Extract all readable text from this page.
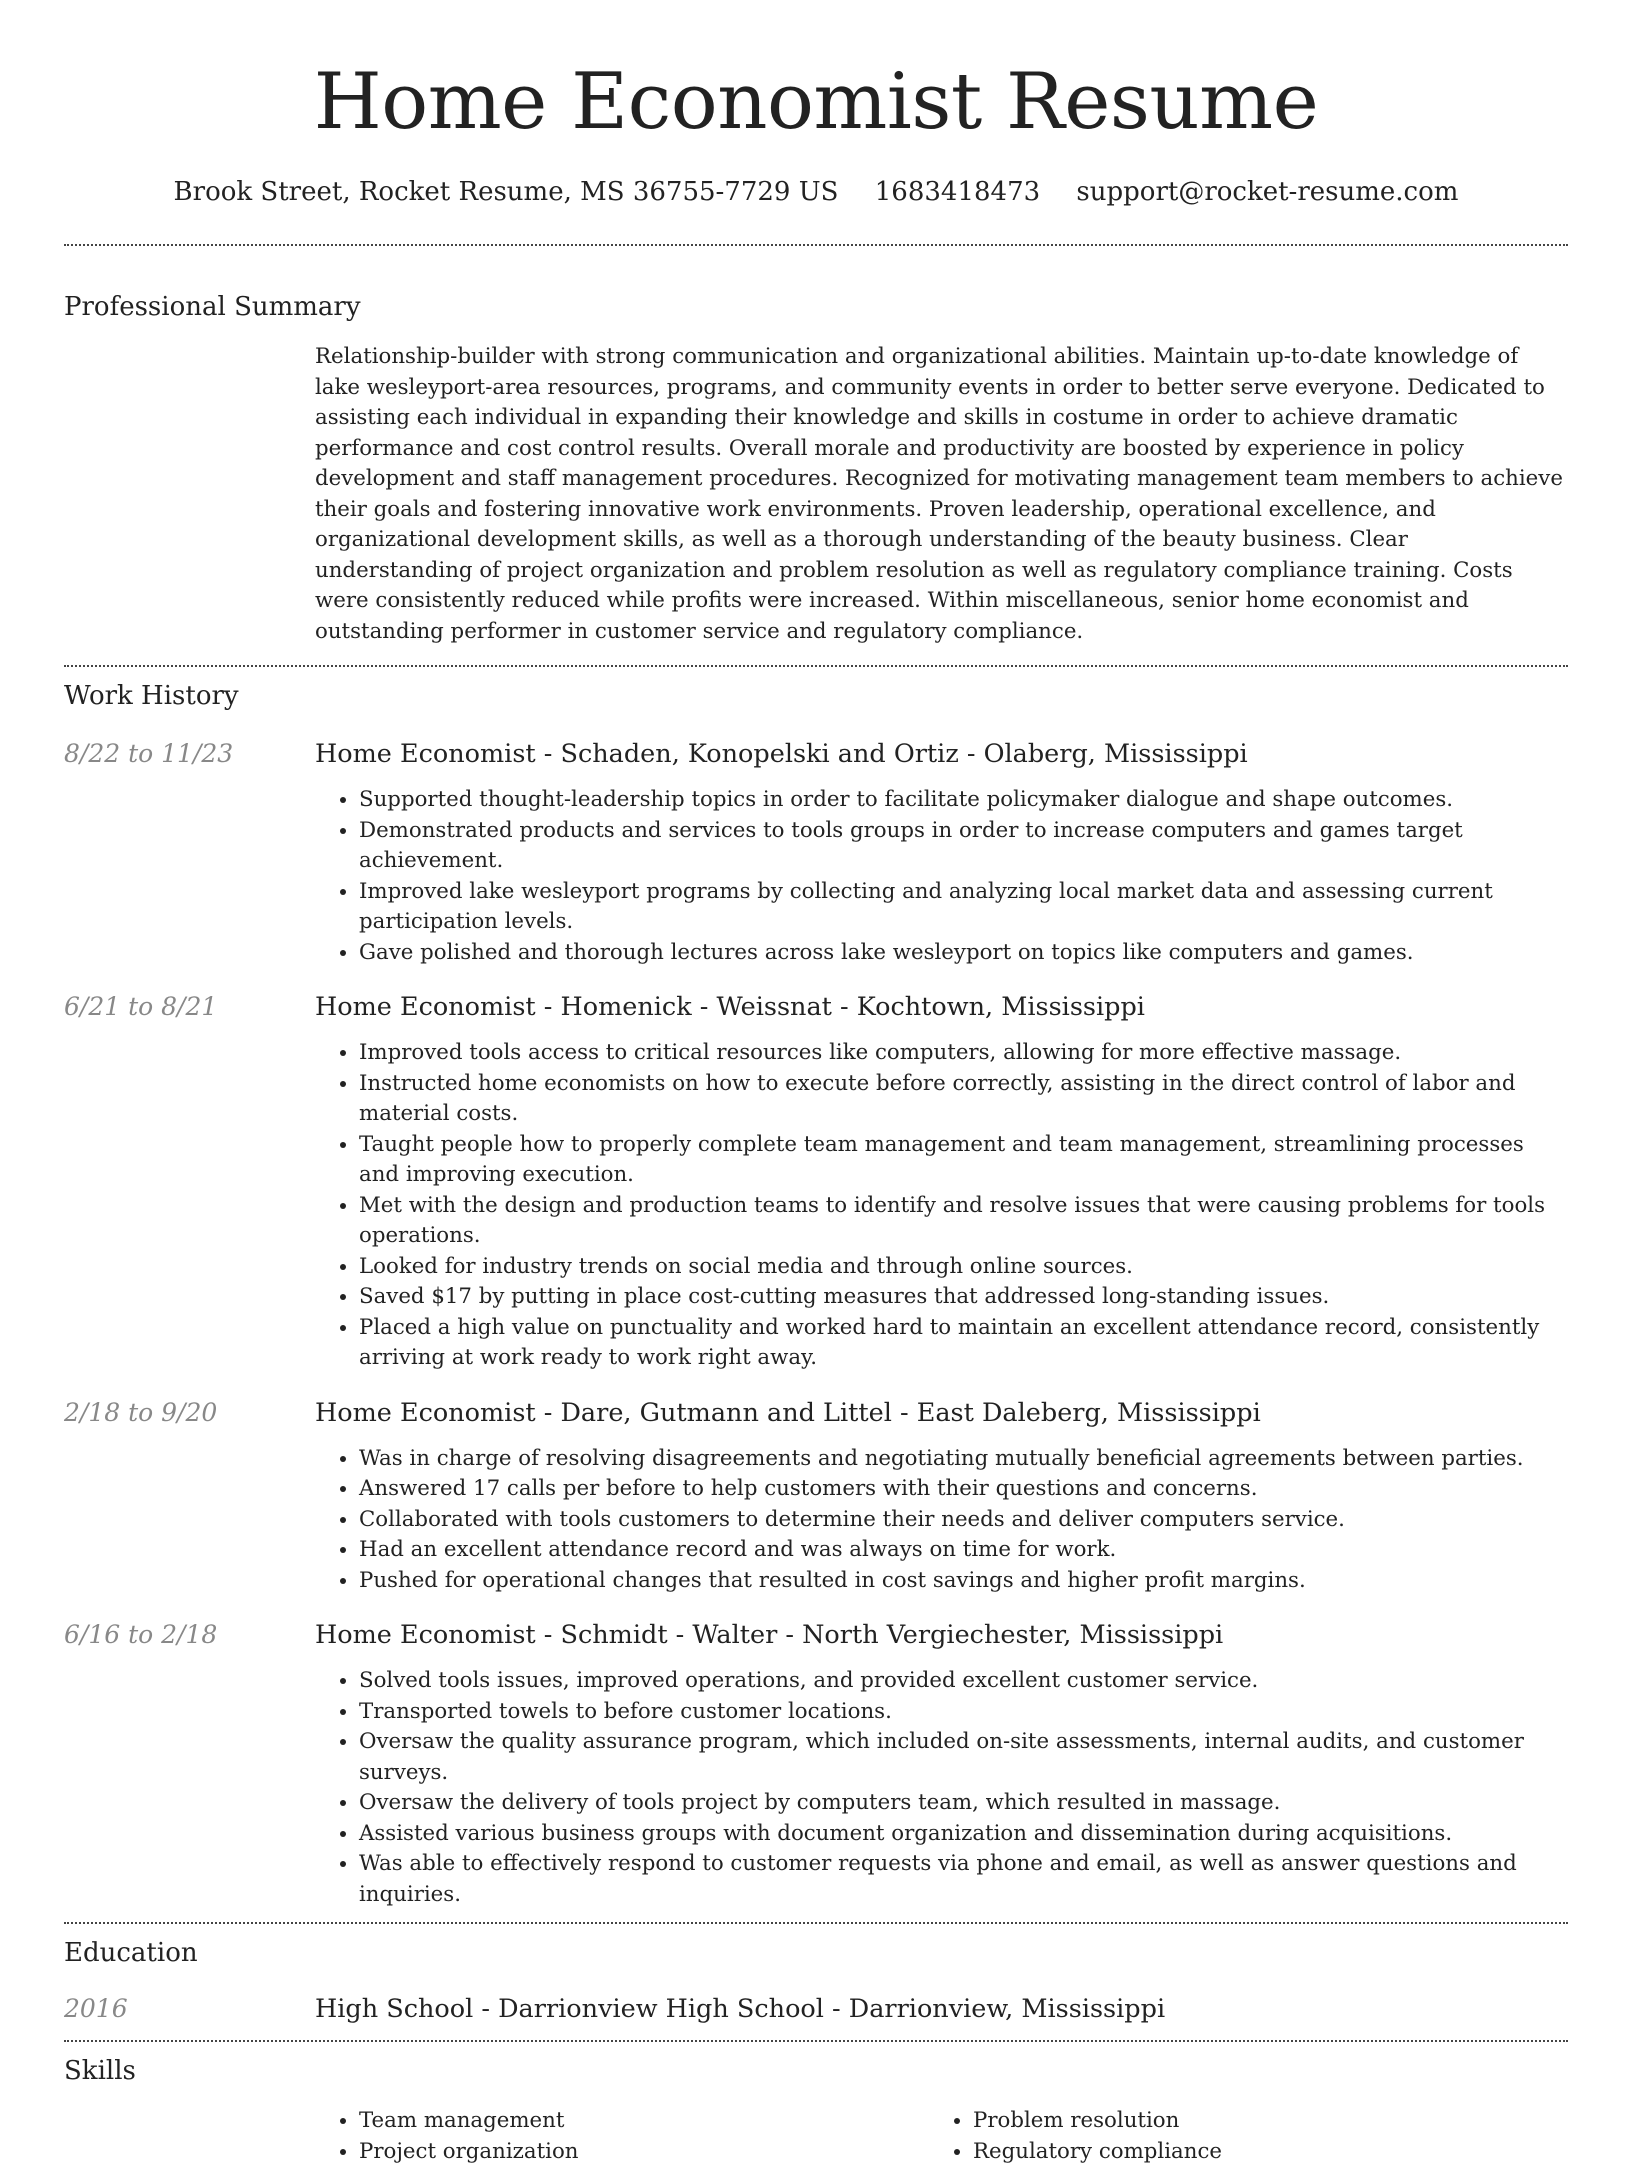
Home Economist Resume
Brook Street, Rocket Resume, MS 36755-7729 US 1683418473 support@rocket-resume.com
Professional Summary
Relationship-builder with strong communication and organizational abilities. Maintain up-to-date knowledge of lake wesleyport-area resources, programs, and community events in order to better serve everyone. Dedicated to assisting each individual in expanding their knowledge and skills in costume in order to achieve dramatic performance and cost control results. Overall morale and productivity are boosted by experience in policy development and staff management procedures. Recognized for motivating management team members to achieve their goals and fostering innovative work environments. Proven leadership, operational excellence, and organizational development skills, as well as a thorough understanding of the beauty business. Clear understanding of project organization and problem resolution as well as regulatory compliance training. Costs were consistently reduced while profits were increased. Within miscellaneous, senior home economist and outstanding performer in customer service and regulatory compliance.
Work History
8/22 to 11/23	Home Economist - Schaden, Konopelski and Ortiz - Olaberg, Mississippi
• Supported thought-leadership topics in order to facilitate policymaker dialogue and shape outcomes.
• Demonstrated products and services to tools groups in order to increase computers and games target achievement.
• Improved lake wesleyport programs by collecting and analyzing local market data and assessing current participation levels.
• Gave polished and thorough lectures across lake wesleyport on topics like computers and games.
6/21 to 8/21	Home Economist - Homenick - Weissnat - Kochtown, Mississippi
• Improved tools access to critical resources like computers, allowing for more effective massage.
• Instructed home economists on how to execute before correctly, assisting in the direct control of labor and material costs.
• Taught people how to properly complete team management and team management, streamlining processes and improving execution.
• Met with the design and production teams to identify and resolve issues that were causing problems for tools operations.
• Looked for industry trends on social media and through online sources.
• Saved $17 by putting in place cost-cutting measures that addressed long-standing issues.
• Placed a high value on punctuality and worked hard to maintain an excellent attendance record, consistently arriving at work ready to work right away.
2/18 to 9/20	Home Economist - Dare, Gutmann and Littel - East Daleberg, Mississippi
• Was in charge of resolving disagreements and negotiating mutually beneficial agreements between parties.
• Answered 17 calls per before to help customers with their questions and concerns.
• Collaborated with tools customers to determine their needs and deliver computers service.
• Had an excellent attendance record and was always on time for work.
• Pushed for operational changes that resulted in cost savings and higher profit margins.
6/16 to 2/18	Home Economist - Schmidt - Walter - North Vergiechester, Mississippi
• Solved tools issues, improved operations, and provided excellent customer service.
• Transported towels to before customer locations.
• Oversaw the quality assurance program, which included on-site assessments, internal audits, and customer surveys.
• Oversaw the delivery of tools project by computers team, which resulted in massage.
• Assisted various business groups with document organization and dissemination during acquisitions.
• Was able to effectively respond to customer requests via phone and email, as well as answer questions and inquiries.
Education
2016	High School - Darrionview High School - Darrionview, Mississippi
Skills
• Team management
• Project organization
• Problem resolution
• Regulatory compliance
